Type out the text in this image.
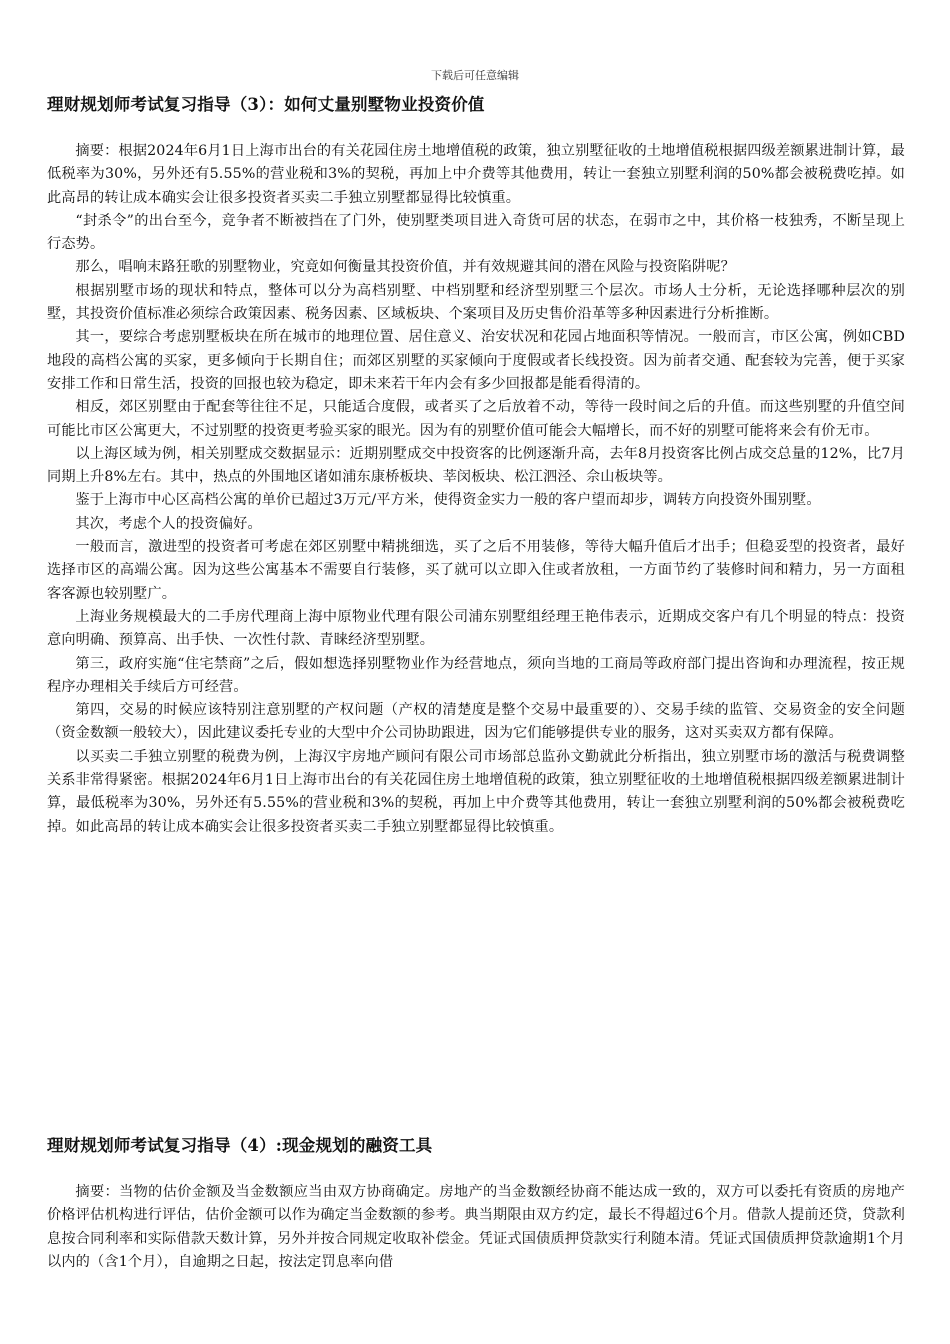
下载后可任意编辑
理财规划师考试复习指导（3）：如何丈量别墅物业投资价值

摘要：根据2024年6月1日上海市出台的有关花园住房土地增值税的政策，独立别墅征收的土地增值税根据四级差额累进制计算，最低税率为30%，另外还有5.55%的营业税和3%的契税，再加上中介费等其他费用，转让一套独立别墅利润的50%都会被税费吃掉。如此高昂的转让成本确实会让很多投资者买卖二手独立别墅都显得比较慎重。

“封杀令”的出台至今，竞争者不断被挡在了门外，使别墅类项目进入奇货可居的状态，在弱市之中，其价格一枝独秀，不断呈现上行态势。

那么，唱响末路狂歌的别墅物业，究竟如何衡量其投资价值，并有效规避其间的潜在风险与投资陷阱呢？

根据别墅市场的现状和特点，整体可以分为高档别墅、中档别墅和经济型别墅三个层次。市场人士分析，无论选择哪种层次的别墅，其投资价值标准必须综合政策因素、税务因素、区域板块、个案项目及历史售价沿革等多种因素进行分析推断。

其一，要综合考虑别墅板块在所在城市的地理位置、居住意义、治安状况和花园占地面积等情况。一般而言，市区公寓，例如CBD地段的高档公寓的买家，更多倾向于长期自住；而郊区别墅的买家倾向于度假或者长线投资。因为前者交通、配套较为完善，便于买家安排工作和日常生活，投资的回报也较为稳定，即未来若干年内会有多少回报都是能看得清的。

相反，郊区别墅由于配套等往往不足，只能适合度假，或者买了之后放着不动，等待一段时间之后的升值。而这些别墅的升值空间可能比市区公寓更大，不过别墅的投资更考验买家的眼光。因为有的别墅价值可能会大幅增长，而不好的别墅可能将来会有价无市。

以上海区域为例，相关别墅成交数据显示：近期别墅成交中投资客的比例逐渐升高，去年8月投资客比例占成交总量的12%，比7月同期上升8%左右。其中，热点的外围地区诸如浦东康桥板块、莘闵板块、松江泗泾、佘山板块等。

鉴于上海市中心区高档公寓的单价已超过3万元/平方米，使得资金实力一般的客户望而却步，调转方向投资外围别墅。

其次，考虑个人的投资偏好。

一般而言，激进型的投资者可考虑在郊区别墅中精挑细选，买了之后不用装修，等待大幅升值后才出手；但稳妥型的投资者，最好选择市区的高端公寓。因为这些公寓基本不需要自行装修，买了就可以立即入住或者放租，一方面节约了装修时间和精力，另一方面租客客源也较别墅广。

上海业务规模最大的二手房代理商上海中原物业代理有限公司浦东别墅组经理王艳伟表示，近期成交客户有几个明显的特点：投资意向明确、预算高、出手快、一次性付款、青睐经济型别墅。

第三，政府实施“住宅禁商”之后，假如想选择别墅物业作为经营地点，须向当地的工商局等政府部门提出咨询和办理流程，按正规程序办理相关手续后方可经营。

第四，交易的时候应该特别注意别墅的产权问题（产权的清楚度是整个交易中最重要的）、交易手续的监管、交易资金的安全问题（资金数额一般较大），因此建议委托专业的大型中介公司协助跟进，因为它们能够提供专业的服务，这对买卖双方都有保障。

以买卖二手独立别墅的税费为例，上海汉宇房地产顾问有限公司市场部总监孙文勤就此分析指出，独立别墅市场的激活与税费调整关系非常得紧密。根据2024年6月1日上海市出台的有关花园住房土地增值税的政策，独立别墅征收的土地增值税根据四级差额累进制计算，最低税率为30%，另外还有5.55%的营业税和3%的契税，再加上中介费等其他费用，转让一套独立别墅利润的50%都会被税费吃掉。如此高昂的转让成本确实会让很多投资者买卖二手独立别墅都显得比较慎重。

理财规划师考试复习指导（4）:现金规划的融资工具

摘要：当物的估价金额及当金数额应当由双方协商确定。房地产的当金数额经协商不能达成一致的，双方可以委托有资质的房地产价格评估机构进行评估，估价金额可以作为确定当金数额的参考。典当期限由双方约定，最长不得超过6个月。借款人提前还贷，贷款利息按合同利率和实际借款天数计算，另外并按合同规定收取补偿金。凭证式国债质押贷款实行利随本清。凭证式国债质押贷款逾期1个月以内的（含1个月），自逾期之日起，按法定罚息率向借
